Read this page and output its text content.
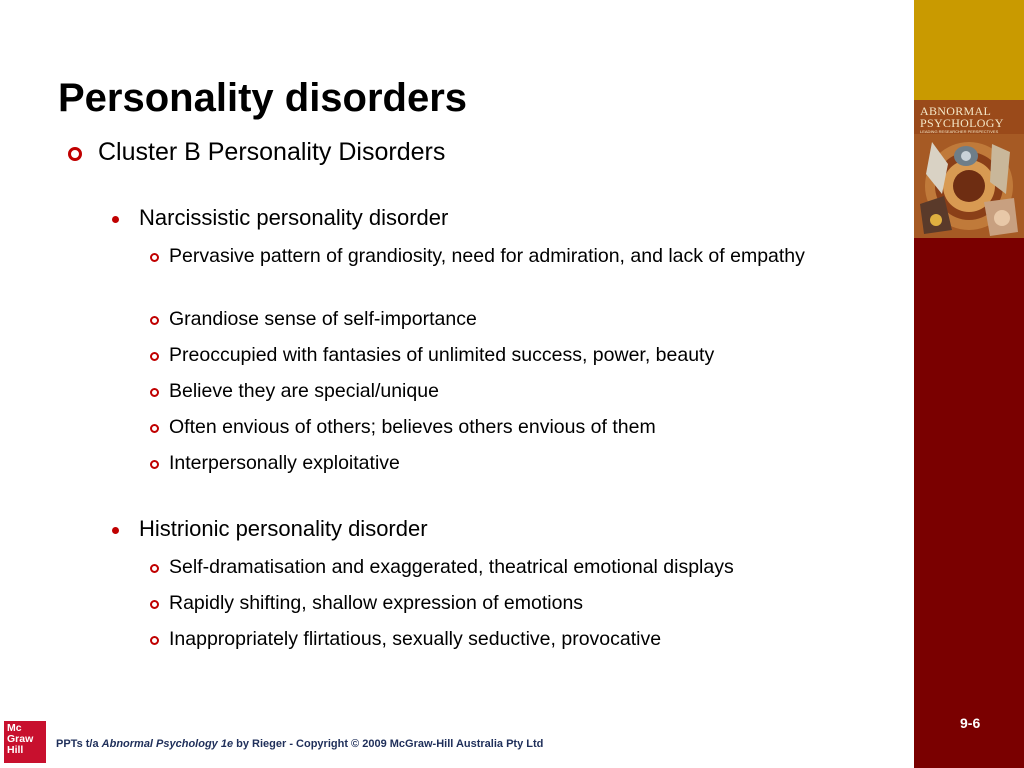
Personality disorders
Cluster B Personality Disorders
Narcissistic personality disorder
Pervasive pattern of grandiosity, need for admiration, and lack of empathy
Grandiose sense of self-importance
Preoccupied with fantasies of unlimited success, power, beauty
Believe they are special/unique
Often envious of others; believes others envious of them
Interpersonally exploitative
Histrionic personality disorder
Self-dramatisation and exaggerated, theatrical emotional displays
Rapidly shifting, shallow expression of emotions
Inappropriately flirtatious, sexually seductive, provocative
ABNORMAL
PSYCHOLOGY
LEADING RESEARCHER PERSPECTIVES
9-6
Mc
Graw
Hill	PPTs t/a Abnormal Psychology 1e by Rieger - Copyright © 2009 McGraw-Hill Australia Pty Ltd
